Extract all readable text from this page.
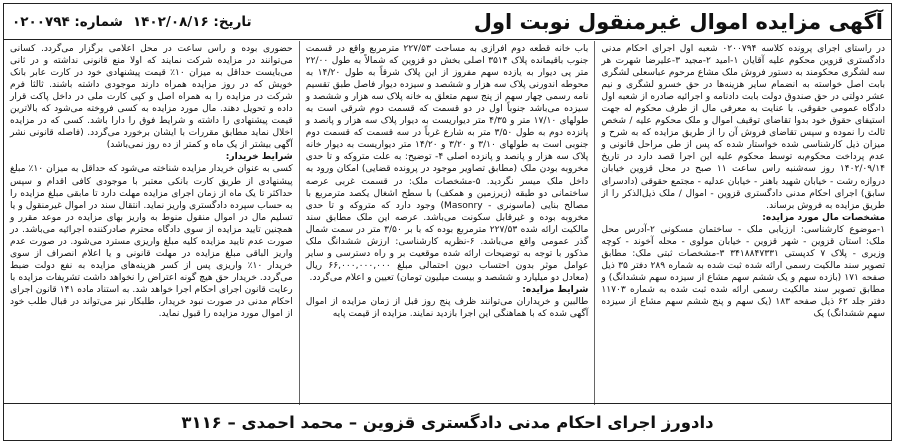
آگهی مزایده اموال غیرمنقول نوبت اول
تاریخ: ۱۴۰۲/۰۸/۱۶
شماره: ۰۲۰۰۷۹۴

در راستای اجرای پرونده کلاسه ۰۲۰۰۷۹۴ شعبه اول اجرای احکام مدنی دادگستری قزوین محکوم علیه آقایان ۱-امید ۲-مجید ۳-علیرضا شهرت هر سه لشگری محکومند به دستور فروش ملک مشاع مرحوم عباسعلی لشگری بابت اصل خواسته به انضمام سایر هزینه‌ها در حق خسرو لشگری و نیم عشر دولتی در حق صندوق دولت بابت دادنامه و اجرائیه صادره از شعبه اول دادگاه عمومی حقوقی. با عنایت به معرفی مال از طرف محکوم له جهت استیفای حقوق خود بدوا تقاضای توقیف اموال و ملک محکوم علیه / شخص ثالث را نموده و سپس تقاضای فروش آن را از طریق مزایده که به شرح و میزان ذیل کارشناسی شده خواستار شده که پس از طی مراحل قانونی و عدم پرداخت محکوم‌به توسط محکوم علیه این اجرا قصد دارد در تاریخ ۱۴۰۲/۰۹/۱۴ روز سه‌شنبه راس ساعت ۱۱ صبح در محل قزوین خیابان دروازه رشت - خیابان شهید باهنر - خیابان عدلیه - مجتمع حقوقی (دادسرای سابق) اجرای احکام مدنی دادگستری قزوین - اموال / ملک ذیل‌الذکر را از طریق مزایده به فروش برساند.

مشخصات مال مورد مزایده:

۱-موضوع کارشناسی: ارزیابی ملک - ساختمان مسکونی ۲-آدرس محل ملک: استان قزوین - شهر قزوین - خیابان مولوی - محله آخوند - کوچه وزیری - پلاک ۷ کدپستی ۳۴۱۸۸۴۷۳۳۱ ۳-مشخصات ثبتی ملک: مطابق تصویر سند مالکیت رسمی ارائه شده ثبت شده به شماره ۲۸۹ دفتر ۳۵ ذیل صفحه ۱۷۱ (بازده سهم و یک ششم سهم مشاع از سیزده سهم ششدانگ) و مطابق تصویر سند مالکیت رسمی ارائه شده ثبت شده به شماره ۱۱۷۰۳ دفتر جلد ۶۲ ذیل صفحه ۱۸۳ (یک سهم و پنج ششم سهم مشاع از سیزده سهم ششدانگ) یک

باب خانه قطعه دوم افرازی به مساحت ۲۲۷/۵۳ مترمربع واقع در قسمت جنوب باقیمانده پلاک ۳۵۱۴ اصلی بخش دو قزوین که شمالاً به طول ۲۲/۰۰ متر پی دیوار به یازده سهم مفروز از این پلاک شرقاً به طول ۱۴/۲۰ به محوطه اندورنی پلاک سه هزار و ششصد و سیزده دیوار فاصل طبق تقسیم نامه رسمی چهار سهم از پنج سهم متعلق به خانه پلاک سه هزار و ششصد و سیزده می‌باشد جنوباً اول در دو قسمت که قسمت دوم شرقی است به طولهای ۱۷/۱۰ متر و ۴/۳۵ متر دیواریست به دیوار پلاک سه هزار و پانصد و پانزده دوم به طول ۳/۵۰ متر به شارع غرباً در سه قسمت که قسمت دوم جنوبی است به طولهای ۳/۱۰ و ۳/۲۰ و ۱۴/۲۰ متر دیواریست به دیوار خانه پلاک سه هزار و پانصد و پانزده اصلی ۴- توضیح: به علت متروکه و تا حدی مخروبه بودن ملک (مطابق تصاویر موجود در پرونده قضایی) امکان ورود به داخل ملک میسر نگردید. ۵-مشخصات ملک: در قسمت غربی عرصه ساختمانی دو طبقه (زیرزمین و همکف) با سطح اشغال یکصد مترمربع با مصالح بنایی (ماسونری - Masonry) وجود دارد که متروکه و تا حدی مخروبه بوده و غیرقابل سکونت می‌باشد. عرصه این ملک مطابق سند مالکیت ارائه شده ۲۲۷/۵۳ مترمربع بوده که با بر ۳/۵۰ متر در سمت شمال گذر عمومی واقع می‌باشد. ۶-نظریه کارشناسی: ارزش ششدانگ ملک مذکور با توجه به توضیحات ارائه شده موقعیت بر و راه دسترسی و سایر عوامل موثر بدون احتساب دیون احتمالی مبلغ ۶۶,۰۰۰,۰۰۰,۰۰۰ ریال (معادل دو میلیارد و ششصد و بیست میلیون تومان) تعیین و اعلام می‌گردد.

شرایط مزایده:

طالبین و خریداران می‌توانند ظرف پنج روز قبل از زمان مزایده از اموال آگهی شده که با هماهنگی این اجرا بازدید نمایند. مزایده از قیمت پایه

حضوری بوده و راس ساعت در محل اعلامی برگزار می‌گردد. کسانی می‌توانند در مزایده شرکت نمایند که اولا منع قانونی نداشته و در ثانی می‌بایست حداقل به میزان ۱۰٪ قیمت پیشنهادی خود در کارت عابر بانک خویش که در روز مزایده همراه دارند موجودی داشته باشند. ثالثا فرم شرکت در مزایده را به همراه اصل و کپی کارت ملی در داخل پاکت قرار داده و تحویل دهند. مال مورد مزایده به کسی فروخته می‌شود که بالاترین قیمت پیشنهادی را داشته و شرایط فوق را دارا باشد. کسی که در مزایده اخلال نماید مطابق مقررات با ایشان برخورد می‌گردد. (فاصله قانونی نشر آگهی بیشتر از یک ماه و کمتر از ده روز نمی‌باشد)

شرایط خریدار:

کسی به عنوان خریدار مزایده شناخته می‌شود که حداقل به میزان ۱۰٪ مبلغ پیشنهادی از طریق کارت بانکی معتبر با موجودی کافی اقدام و سپس حداکثر تا یک ماه از زمان اجرای مزایده مهلت دارد تا مابقی مبلغ مزایده را به حساب سپرده دادگستری واریز نماید. انتقال سند در اموال غیرمنقول و یا تسلیم مال در اموال منقول منوط به واریز بهای مزایده در موعد مقرر و همچنین تایید مزایده از سوی دادگاه محترم صادرکننده اجرائیه می‌باشد. در صورت عدم تایید مزایده کلیه مبلغ واریزی مسترد می‌شود. در صورت عدم واریز الباقی مبلغ مزایده در مهلت قانونی و یا اعلام انصراف از سوی خریدار ۱۰٪ واریزی پس از کسر هزینه‌های مزایده به نفع دولت ضبط می‌گردد. خریدار حق هیچ گونه اعتراض را نخواهد داشت تشریفات مزایده با رعایت قانون اجرای احکام اجرا خواهد شد. به استناد ماده ۱۴۱ قانون اجرای احکام مدنی در صورت نبود خریدار، طلبکار نیز می‌تواند در قبال طلب خود از اموال مورد مزایده را قبول نماید.

دادورز اجرای احکام مدنی دادگستری قزوین – محمد احمدی – ۳۱۱۶
